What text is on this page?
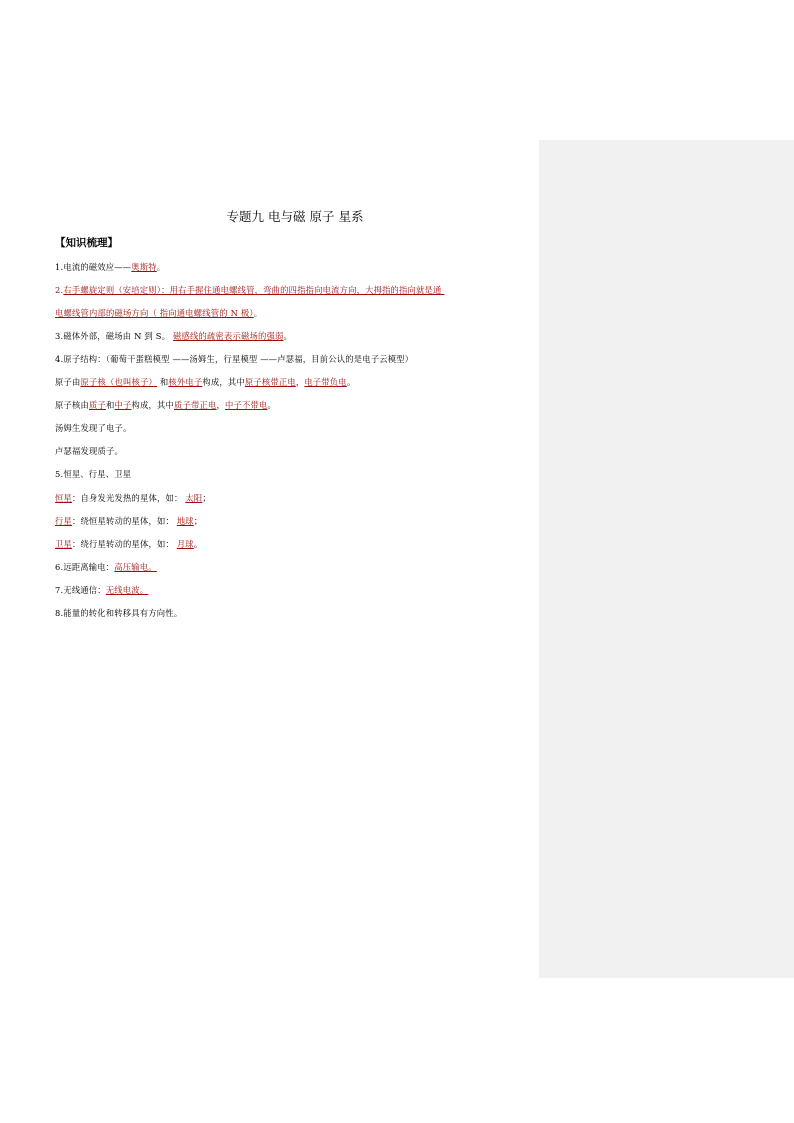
专题九 电与磁 原子 星系
【知识梳理】
1.电流的磁效应——奥斯特。
2.右手螺旋定则（安培定则）：用右手握住通电螺线管，弯曲的四指指向电流方向，大拇指的指向就是通
电螺线管内部的磁场方向（ 指向通电螺线管的 N 极）。
3.磁体外部，磁场由 N 到 S。 磁感线的疏密表示磁场的强弱。
4.原子结构：（葡萄干蛋糕模型 ——汤姆生，行星模型 ——卢瑟福，目前公认的是电子云模型）
原子由原子核（也叫核子） 和核外电子构成，其中原子核带正电，电子带负电。
原子核由质子和中子构成，其中质子带正电，中子不带电。
汤姆生发现了电子。
卢瑟福发现质子。
5.恒星、行星、卫星
恒星：自身发光发热的星体，如： 太阳；
行星：绕恒星转动的星体，如： 地球；
卫星：绕行星转动的星体，如： 月球。
6.远距离输电：高压输电。
7.无线通信：无线电波。
8.能量的转化和转移具有方向性。
